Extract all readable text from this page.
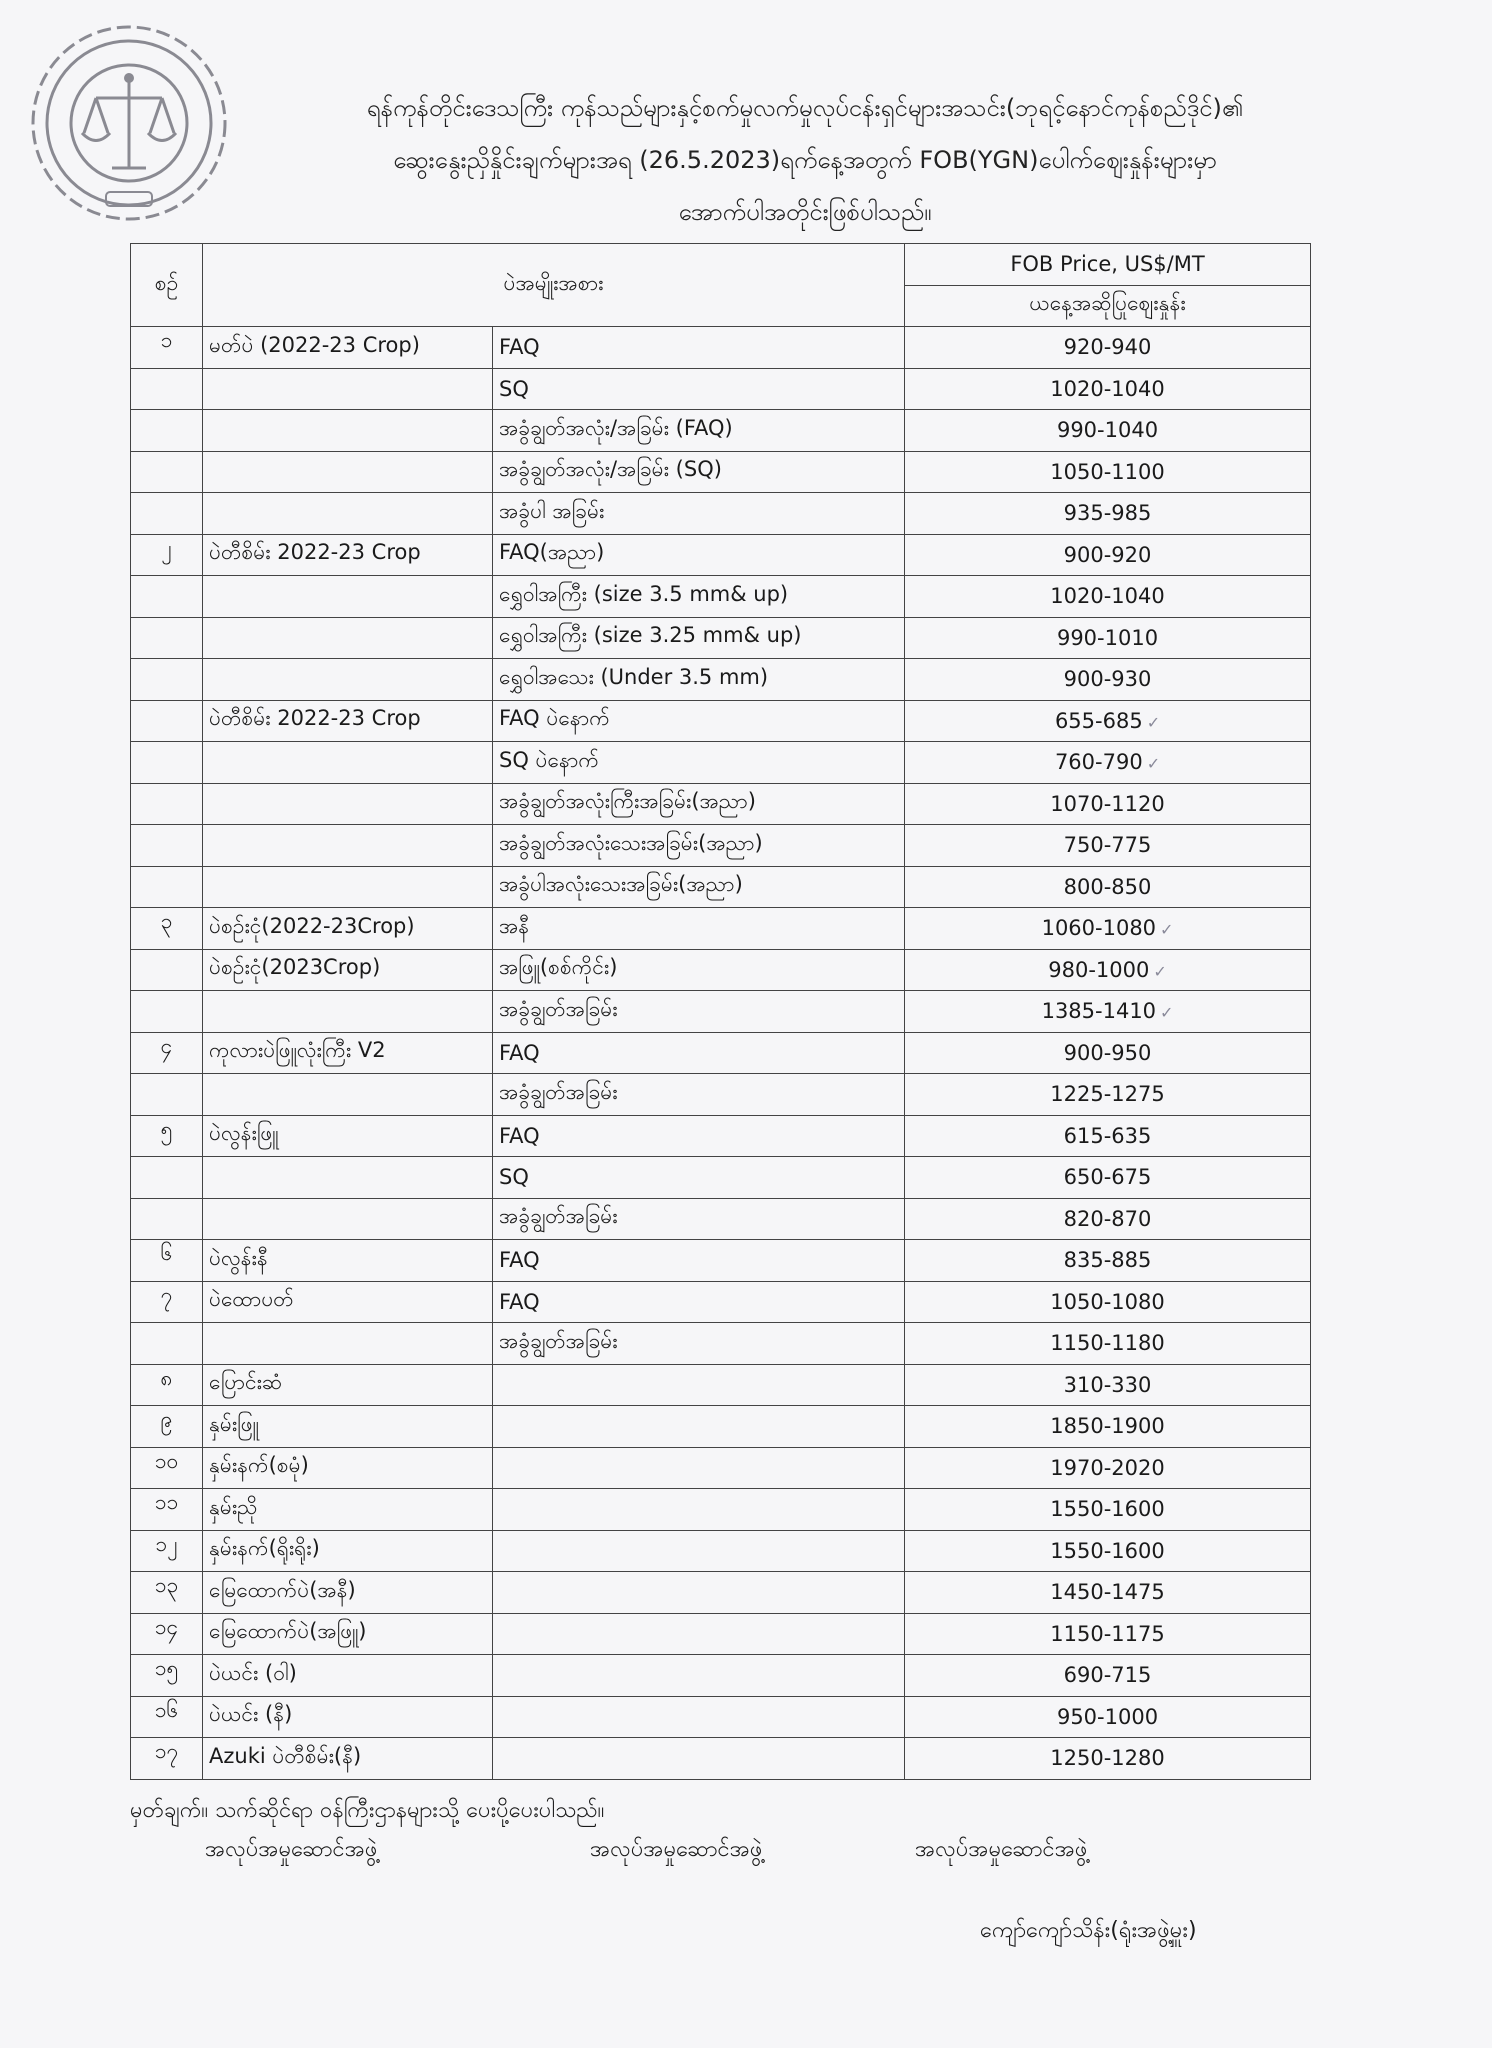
ရန်ကုန်တိုင်းဒေသကြီး ကုန်သည်များနှင့်စက်မှုလက်မှုလုပ်ငန်းရှင်များအသင်း(ဘုရင့်နောင်ကုန်စည်ဒိုင်)၏
ဆွေးနွေးညှိနှိုင်းချက်များအရ (26.5.2023)ရက်နေ့အတွက် FOB(YGN)ပေါက်ဈေးနှုန်းများမှာ
အောက်ပါအတိုင်းဖြစ်ပါသည်။
စဉ်	ပဲအမျိုးအစား		FOB Price, US$/MT
			ယနေ့အဆိုပြုဈေးနှုန်း
၁	မတ်ပဲ (2022-23 Crop)	FAQ	920-940
		SQ	1020-1040
		အခွံချွတ်အလုံး/အခြမ်း (FAQ)	990-1040
		အခွံချွတ်အလုံး/အခြမ်း (SQ)	1050-1100
		အခွံပါ အခြမ်း	935-985
၂	ပဲတီစိမ်း 2022-23 Crop	FAQ(အညာ)	900-920
		ရွှေဝါအကြီး (size 3.5 mm& up)	1020-1040
		ရွှေဝါအကြီး (size 3.25 mm& up)	990-1010
		ရွှေဝါအသေး (Under 3.5 mm)	900-930
	ပဲတီစိမ်း 2022-23 Crop	FAQ ပဲနောက်	655-685 ✓
		SQ ပဲနောက်	760-790 ✓
		အခွံချွတ်အလုံးကြီးအခြမ်း(အညာ)	1070-1120
		အခွံချွတ်အလုံးသေးအခြမ်း(အညာ)	750-775
		အခွံပါအလုံးသေးအခြမ်း(အညာ)	800-850
၃	ပဲစဉ်းငုံ(2022-23Crop)	အနီ	1060-1080 ✓
	ပဲစဉ်းငုံ(2023Crop)	အဖြူ(စစ်ကိုင်း)	980-1000 ✓
		အခွံချွတ်အခြမ်း	1385-1410 ✓
၄	ကုလားပဲဖြူလုံးကြီး V2	FAQ	900-950
		အခွံချွတ်အခြမ်း	1225-1275
၅	ပဲလွန်းဖြူ	FAQ	615-635
		SQ	650-675
		အခွံချွတ်အခြမ်း	820-870
၆	ပဲလွန်းနီ	FAQ	835-885
၇	ပဲထောပတ်	FAQ	1050-1080
		အခွံချွတ်အခြမ်း	1150-1180
၈	ပြောင်းဆံ		310-330
၉	နှမ်းဖြူ		1850-1900
၁၀	နှမ်းနက်(စမုံ)		1970-2020
၁၁	နှမ်းညို		1550-1600
၁၂	နှမ်းနက်(ရိုးရိုး)		1550-1600
၁၃	မြေထောက်ပဲ(အနီ)		1450-1475
၁၄	မြေထောက်ပဲ(အဖြူ)		1150-1175
၁၅	ပဲယင်း (ဝါ)		690-715
၁၆	ပဲယင်း (နီ)		950-1000
၁၇	Azuki ပဲတီစိမ်း(နီ)		1250-1280
မှတ်ချက်။ သက်ဆိုင်ရာ ဝန်ကြီးဌာနများသို့ ပေးပို့ပေးပါသည်။
အလုပ်အမှုဆောင်အဖွဲ့	အလုပ်အမှုဆောင်အဖွဲ့	အလုပ်အမှုဆောင်အဖွဲ့
ကျော်ကျော်သိန်း(ရုံးအဖွဲ့မှူး)
